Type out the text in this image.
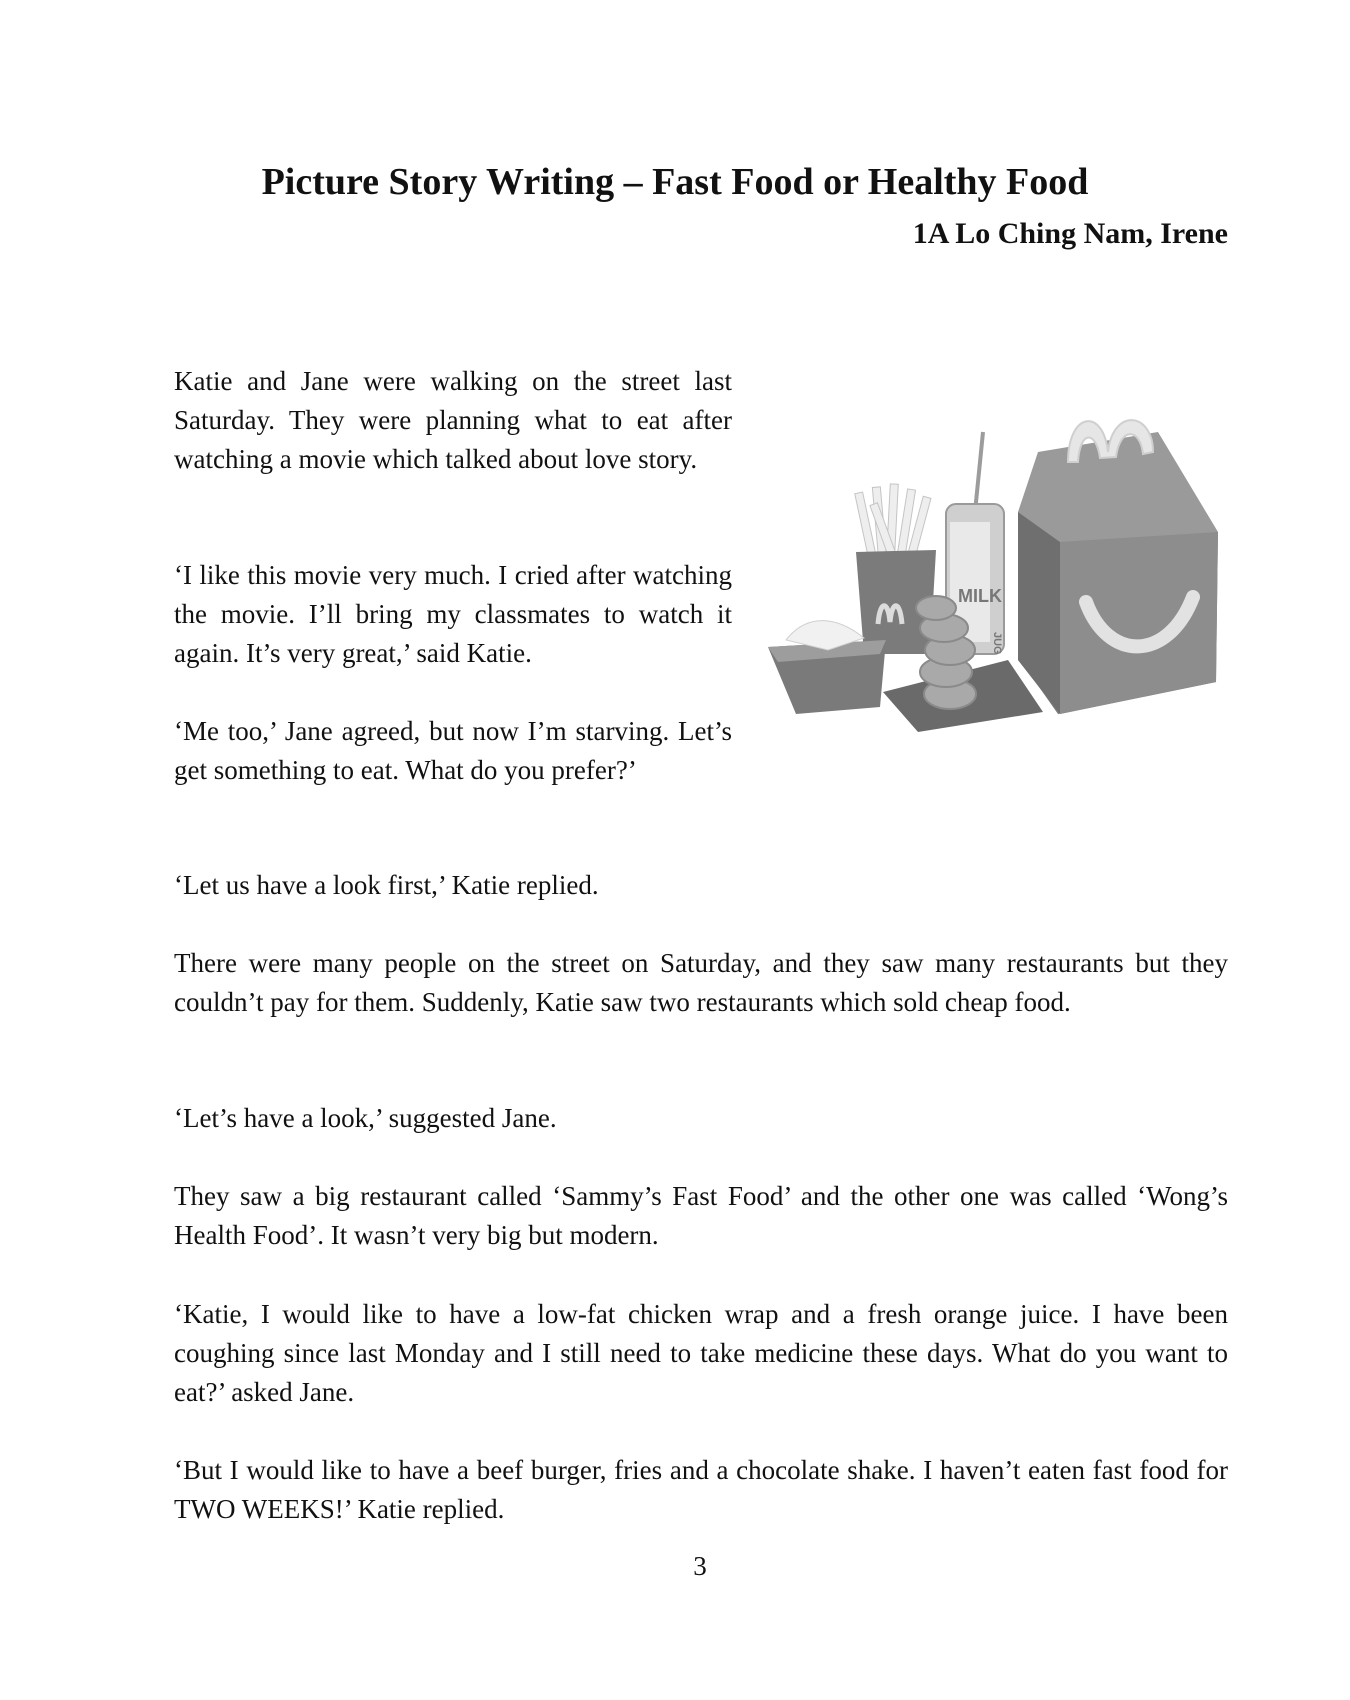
Picture Story Writing – Fast Food or Healthy Food

1A Lo Ching Nam, Irene

Katie and Jane were walking on the street last Saturday. They were planning what to eat after watching a movie which talked about love story.

‘I like this movie very much. I cried after watching the movie. I’ll bring my classmates to watch it again. It’s very great,’ said Katie.

‘Me too,’ Jane agreed, but now I’m starving. Let’s get something to eat. What do you prefer?’

‘Let us have a look first,’ Katie replied.

There were many people on the street on Saturday, and they saw many restaurants but they couldn’t pay for them. Suddenly, Katie saw two restaurants which sold cheap food.

‘Let’s have a look,’ suggested Jane.

They saw a big restaurant called ‘Sammy’s Fast Food’ and the other one was called ‘Wong’s Health Food’. It wasn’t very big but modern.

‘Katie, I would like to have a low-fat chicken wrap and a fresh orange juice. I have been coughing since last Monday and I still need to take medicine these days. What do you want to eat?’ asked Jane.

‘But I would like to have a beef burger, fries and a chocolate shake. I haven’t eaten fast food for TWO WEEKS!’ Katie replied.

MILK
JUG

3
